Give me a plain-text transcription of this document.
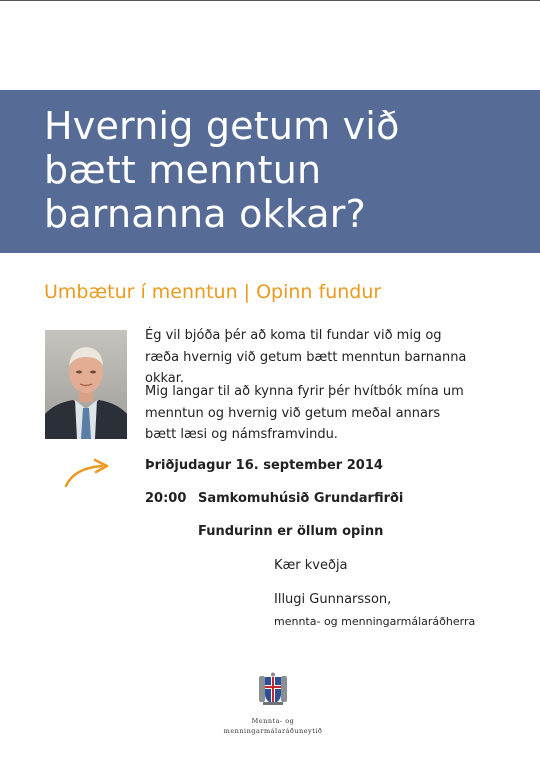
Hvernig getum við
bætt menntun
barnanna okkar?
Umbætur í menntun | Opinn fundur

Ég vil bjóða þér að koma til fundar við mig og ræða hvernig við getum bætt menntun barnanna okkar.

Mig langar til að kynna fyrir þér hvítbók mína um menntun og hvernig við getum meðal annars bætt læsi og námsframvindu.

Þriðjudagur 16. september 2014
20:00 Samkomuhúsið Grundarfirði
Fundurinn er öllum opinn
Kær kveðja
Illugi Gunnarsson,
mennta- og menningarmálaráðherra
Mennta- og
menningarmálaráðuneytið
